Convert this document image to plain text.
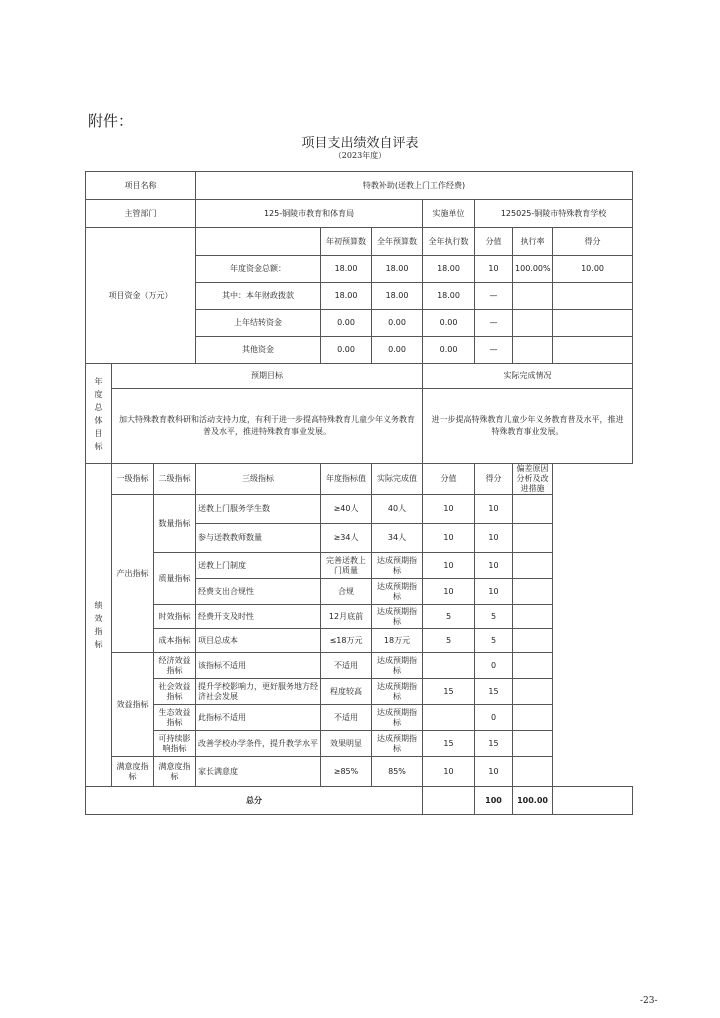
附件：
项目支出绩效自评表
（2023年度）
项目名称			特教补助(送教上门工作经费)						
主管部门			125-铜陵市教育和体育局			实施单位	125025-铜陵市特殊教育学校		
项目资金（万元）				年初预算数	全年预算数	全年执行数	分值	执行率	得分
			年度资金总额：	18.00	18.00	18.00	10	100.00%	10.00
			其中：本年财政拨款	18.00	18.00	18.00	—		
			上年结转资金	0.00	0.00	0.00	—		
			其他资金	0.00	0.00	0.00	—		

年度总体目标	预期目标					实际完成情况			
	加大特殊教育教科研和活动支持力度，有利于进一步提高特殊教育儿童少年义务教育普及水平，推进特殊教育事业发展。					进一步提高特殊教育儿童少年义务教育普及水平，推进特殊教育事业发展。			

绩效指标	一级指标	二级指标	三级指标	年度指标值	实际完成值	分值	得分	偏差原因分析及改进措施	
	产出指标	数量指标	送教上门服务学生数	≥40人	40人	10	10		
			参与送教教师数量	≥34人	34人	10	10		
		质量指标	送教上门制度	完善送教上门质量	达成预期指标	10	10		
			经费支出合规性	合规	达成预期指标	10	10		
		时效指标	经费开支及时性	12月底前	达成预期指标	5	5		
		成本指标	项目总成本	≤18万元	18万元	5	5		
	效益指标	经济效益指标	该指标不适用	不适用	达成预期指标		0		
		社会效益指标	提升学校影响力，更好服务地方经济社会发展	程度较高	达成预期指标	15	15		
		生态效益指标	此指标不适用	不适用	达成预期指标		0		
		可持续影响指标	改善学校办学条件，提升教学水平	效果明显	达成预期指标	15	15		
	满意度指标	满意度指标	家长满意度	≥85%	85%	10	10		
总分							100	100.00	
-23-
